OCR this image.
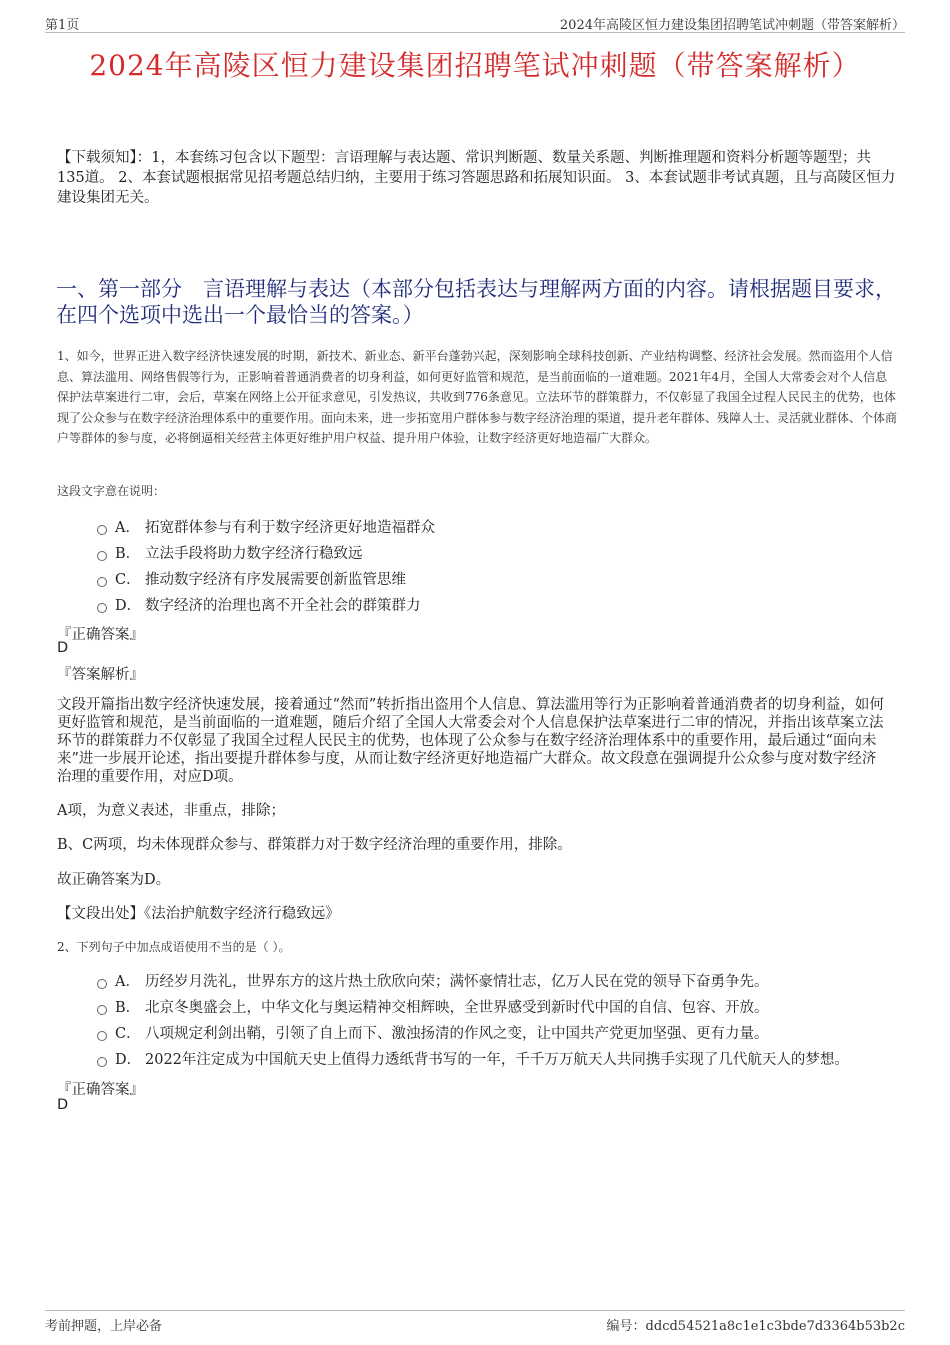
第1页	2024年高陵区恒力建设集团招聘笔试冲刺题（带答案解析）
2024年高陵区恒力建设集团招聘笔试冲刺题（带答案解析）

【下载须知】：1，本套练习包含以下题型：言语理解与表达题、常识判断题、数量关系题、判断推理题和资料分析题等题型；共135道。 2、本套试题根据常见招考题总结归纳，主要用于练习答题思路和拓展知识面。 3、本套试题非考试真题，且与高陵区恒力建设集团无关。

一、第一部分　言语理解与表达（本部分包括表达与理解两方面的内容。请根据题目要求，在四个选项中选出一个最恰当的答案。）

1、如今，世界正进入数字经济快速发展的时期，新技术、新业态、新平台蓬勃兴起，深刻影响全球科技创新、产业结构调整、经济社会发展。然而盗用个人信息、算法滥用、网络售假等行为，正影响着普通消费者的切身利益，如何更好监管和规范，是当前面临的一道难题。2021年4月，全国人大常委会对个人信息保护法草案进行二审，会后，草案在网络上公开征求意见，引发热议，共收到776条意见。立法环节的群策群力，不仅彰显了我国全过程人民民主的优势，也体现了公众参与在数字经济治理体系中的重要作用。面向未来，进一步拓宽用户群体参与数字经济治理的渠道，提升老年群体、残障人士、灵活就业群体、个体商户等群体的参与度，必将倒逼相关经营主体更好维护用户权益、提升用户体验，让数字经济更好地造福广大群众。

这段文字意在说明：
A． 拓宽群体参与有利于数字经济更好地造福群众
B． 立法手段将助力数字经济行稳致远
C． 推动数字经济有序发展需要创新监管思维
D． 数字经济的治理也离不开全社会的群策群力
『正确答案』
D
『答案解析』

文段开篇指出数字经济快速发展，接着通过“然而”转折指出盗用个人信息、算法滥用等行为正影响着普通消费者的切身利益，如何更好监管和规范，是当前面临的一道难题，随后介绍了全国人大常委会对个人信息保护法草案进行二审的情况，并指出该草案立法环节的群策群力不仅彰显了我国全过程人民民主的优势，也体现了公众参与在数字经济治理体系中的重要作用，最后通过“面向未来”进一步展开论述，指出要提升群体参与度，从而让数字经济更好地造福广大群众。故文段意在强调提升公众参与度对数字经济治理的重要作用，对应D项。

A项，为意义表述，非重点，排除；

B、C两项，均未体现群众参与、群策群力对于数字经济治理的重要作用，排除。

故正确答案为D。

【文段出处】《法治护航数字经济行稳致远》

2、下列句子中加点成语使用不当的是（ ）。
A． 历经岁月洗礼，世界东方的这片热土欣欣向荣；满怀豪情壮志，亿万人民在党的领导下奋勇争先。
B． 北京冬奥盛会上，中华文化与奥运精神交相辉映，全世界感受到新时代中国的自信、包容、开放。
C． 八项规定利剑出鞘，引领了自上而下、激浊扬清的作风之变，让中国共产党更加坚强、更有力量。
D． 2022年注定成为中国航天史上值得力透纸背书写的一年，千千万万航天人共同携手实现了几代航天人的梦想。
『正确答案』
D
考前押题，上岸必备	编号：ddcd54521a8c1e1c3bde7d3364b53b2c
